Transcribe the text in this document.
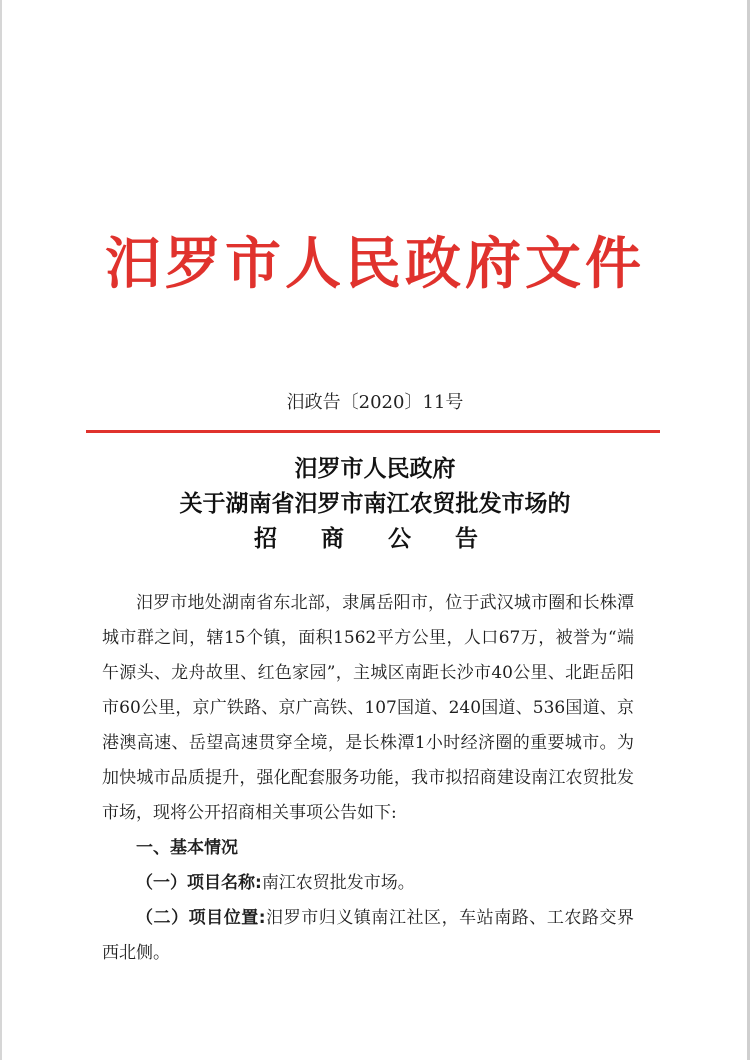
汨罗市人民政府文件
汨政告〔2020〕11号
汨罗市人民政府
关于湖南省汨罗市南江农贸批发市场的
招 商 公 告

汨罗市地处湖南省东北部，隶属岳阳市，位于武汉城市圈和长株潭城市群之间，辖15个镇，面积1562平方公里，人口67万，被誉为“端午源头、龙舟故里、红色家园”，主城区南距长沙市40公里、北距岳阳市60公里，京广铁路、京广高铁、107国道、240国道、536国道、京港澳高速、岳望高速贯穿全境，是长株潭1小时经济圈的重要城市。为加快城市品质提升，强化配套服务功能，我市拟招商建设南江农贸批发市场，现将公开招商相关事项公告如下:

一、基本情况

（一）项目名称:南江农贸批发市场。

（二）项目位置:汨罗市归义镇南江社区，车站南路、工农路交界西北侧。
